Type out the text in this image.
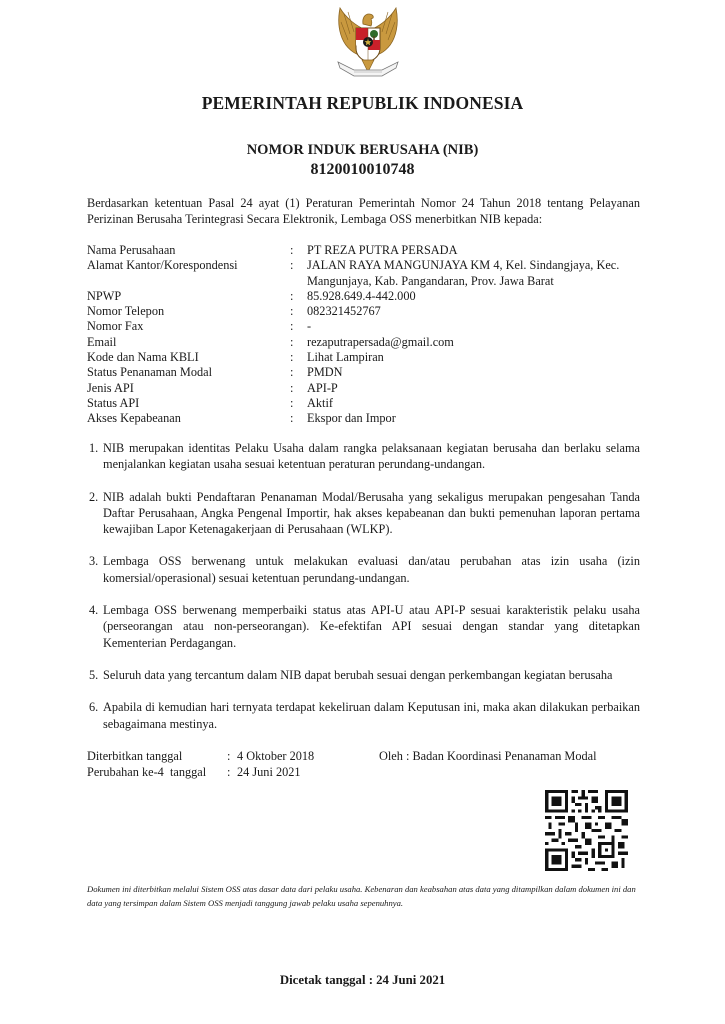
PEMERINTAH REPUBLIK INDONESIA
NOMOR INDUK BERUSAHA (NIB)
8120010010748
Berdasarkan ketentuan Pasal 24 ayat (1) Peraturan Pemerintah Nomor 24 Tahun 2018 tentang Pelayanan Perizinan Berusaha Terintegrasi Secara Elektronik, Lembaga OSS menerbitkan NIB kepada:
Nama Perusahaan	:	PT REZA PUTRA PERSADA
Alamat Kantor/Korespondensi	:	JALAN RAYA MANGUNJAYA KM 4, Kel. Sindangjaya, Kec. Mangunjaya, Kab. Pangandaran, Prov. Jawa Barat
NPWP	:	85.928.649.4-442.000
Nomor Telepon	:	082321452767
Nomor Fax	:	-
Email	:	rezaputrapersada@gmail.com
Kode dan Nama KBLI	:	Lihat Lampiran
Status Penanaman Modal	:	PMDN
Jenis API	:	API-P
Status API	:	Aktif
Akses Kepabeanan	:	Ekspor dan Impor
1. NIB merupakan identitas Pelaku Usaha dalam rangka pelaksanaan kegiatan berusaha dan berlaku selama menjalankan kegiatan usaha sesuai ketentuan peraturan perundang-undangan.
2. NIB adalah bukti Pendaftaran Penanaman Modal/Berusaha yang sekaligus merupakan pengesahan Tanda Daftar Perusahaan, Angka Pengenal Importir, hak akses kepabeanan dan bukti pemenuhan laporan pertama kewajiban Lapor Ketenagakerjaan di Perusahaan (WLKP).
3. Lembaga OSS berwenang untuk melakukan evaluasi dan/atau perubahan atas izin usaha (izin komersial/operasional) sesuai ketentuan perundang-undangan.
4. Lembaga OSS berwenang memperbaiki status atas API-U atau API-P sesuai karakteristik pelaku usaha (perseorangan atau non-perseorangan). Ke-efektifan API sesuai dengan standar yang ditetapkan Kementerian Perdagangan.
5. Seluruh data yang tercantum dalam NIB dapat berubah sesuai dengan perkembangan kegiatan berusaha
6. Apabila di kemudian hari ternyata terdapat kekeliruan dalam Keputusan ini, maka akan dilakukan perbaikan sebagaimana mestinya.
Diterbitkan tanggal	: 4 Oktober 2018
Perubahan ke-4  tanggal	: 24 Juni 2021
Oleh : Badan Koordinasi Penanaman Modal
Dokumen ini diterbitkan melalui Sistem OSS atas dasar data dari pelaku usaha. Kebenaran dan keabsahan atas data yang ditampilkan dalam dokumen ini dan data yang tersimpan dalam Sistem OSS menjadi tanggung jawab pelaku usaha sepenuhnya.
Dicetak tanggal : 24 Juni 2021
